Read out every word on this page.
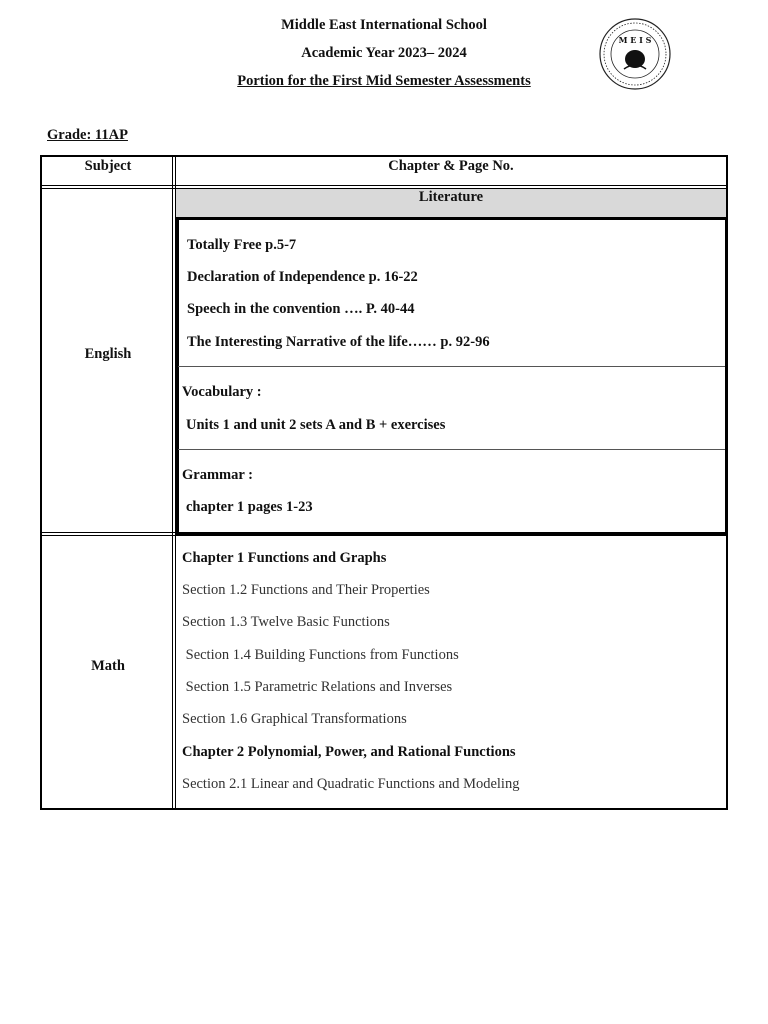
Middle East International School
Academic Year 2023– 2024
Portion for the First Mid Semester Assessments
M E I S
Grade: 11AP
Subject	Chapter & Page No.
English
Literature
Totally Free p.5-7
Declaration of Independence p. 16-22
Speech in the convention …. P. 40-44
The Interesting Narrative of the life…… p. 92-96
Vocabulary :
Units 1 and unit 2 sets A and B + exercises
Grammar :
chapter 1 pages 1-23
Math
Chapter 1 Functions and Graphs
Section 1.2 Functions and Their Properties
Section 1.3 Twelve Basic Functions
Section 1.4 Building Functions from Functions
Section 1.5 Parametric Relations and Inverses
Section 1.6 Graphical Transformations
Chapter 2 Polynomial, Power, and Rational Functions
Section 2.1 Linear and Quadratic Functions and Modeling
